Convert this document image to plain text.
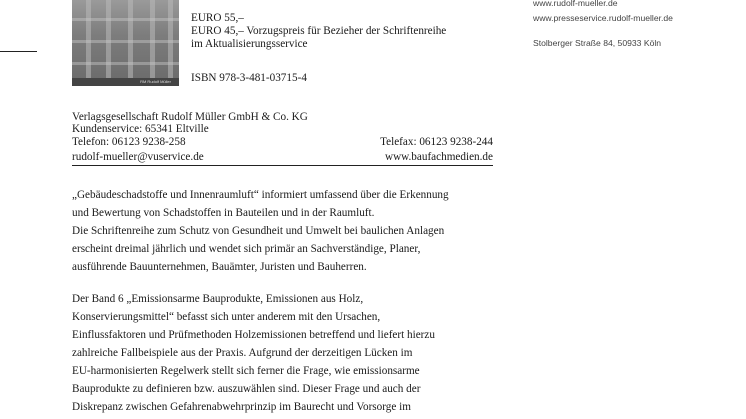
RM Rudolf Müller
EURO 55,–
EURO 45,– Vorzugspreis für Bezieher der Schriftenreihe
im Aktualisierungsservice
ISBN 978-3-481-03715-4
www.rudolf-mueller.de
www.presseservice.rudolf-mueller.de
Stolberger Straße 84, 50933 Köln
Verlagsgesellschaft Rudolf Müller GmbH & Co. KG
Kundenservice: 65341 Eltville
Telefon: 06123 9238-258	Telefax: 06123 9238-244
rudolf-mueller@vuservice.de	www.baufachmedien.de
„Gebäudeschadstoffe und Innenraumluft“ informiert umfassend über die Erkennung
und Bewertung von Schadstoffen in Bauteilen und in der Raumluft.
Die Schriftenreihe zum Schutz von Gesundheit und Umwelt bei baulichen Anlagen
erscheint dreimal jährlich und wendet sich primär an Sachverständige, Planer,
ausführende Bauunternehmen, Bauämter, Juristen und Bauherren.
Der Band 6 „Emissionsarme Bauprodukte, Emissionen aus Holz,
Konservierungsmittel“ befasst sich unter anderem mit den Ursachen,
Einflussfaktoren und Prüfmethoden Holzemissionen betreffend und liefert hierzu
zahlreiche Fallbeispiele aus der Praxis. Aufgrund der derzeitigen Lücken im
EU-harmonisierten Regelwerk stellt sich ferner die Frage, wie emissionsarme
Bauprodukte zu definieren bzw. auszuwählen sind. Dieser Frage und auch der
Diskrepanz zwischen Gefahrenabwehrprinzip im Baurecht und Vorsorge im
